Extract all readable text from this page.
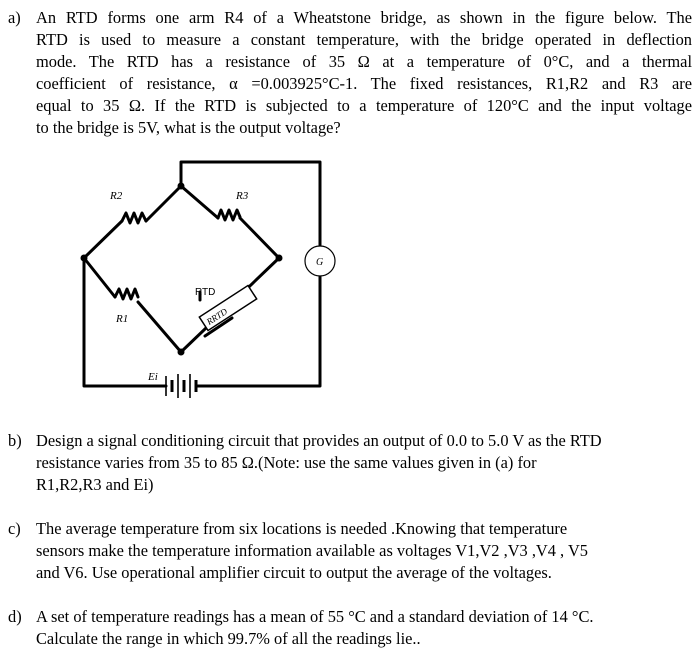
a) An RTD forms one arm R4 of a Wheatstone bridge, as shown in the figure below. The
RTD is used to measure a constant temperature, with the bridge operated in deflection
mode. The RTD has a resistance of 35 Ω at a temperature of 0°C, and a thermal
coefficient of resistance, α =0.003925°C-1. The fixed resistances, R1,R2 and R3 are
equal to 35 Ω. If the RTD is subjected to a temperature of 120°C and the input voltage
to the bridge is 5V, what is the output voltage?
R2	R3
R1
RTD
RRTD
G
Ei
b) Design a signal conditioning circuit that provides an output of 0.0 to 5.0 V as the RTD
resistance varies from 35 to 85 Ω.(Note: use the same values given in (a) for
R1,R2,R3 and Ei)
c) The average temperature from six locations is needed .Knowing that temperature
sensors make the temperature information available as voltages V1,V2 ,V3 ,V4 , V5
and V6. Use operational amplifier circuit to output the average of the voltages.
d) A set of temperature readings has a mean of 55 °C and a standard deviation of 14 °C.
Calculate the range in which 99.7% of all the readings lie..
